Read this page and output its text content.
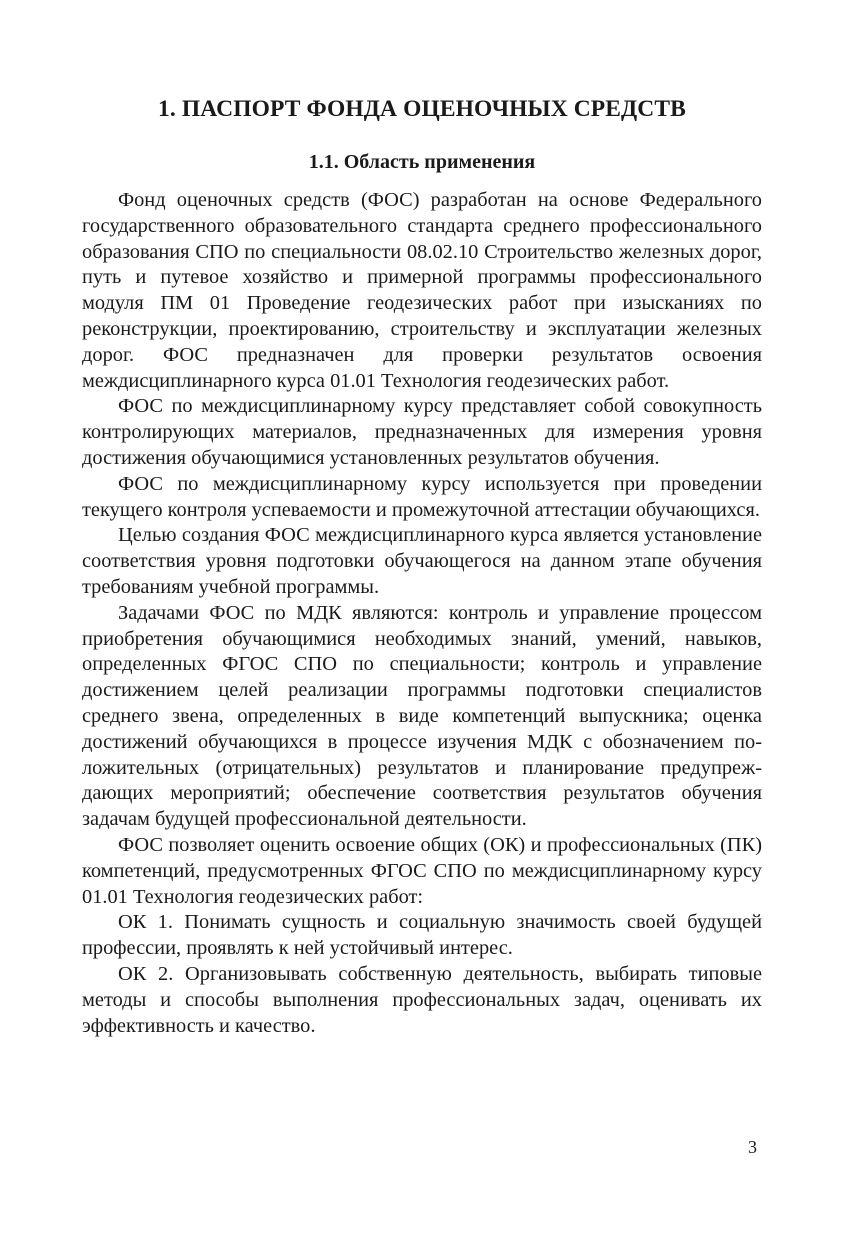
1. ПАСПОРТ ФОНДА ОЦЕНОЧНЫХ СРЕДСТВ
1.1. Область применения

Фонд оценочных средств (ФОС) разработан на основе Федерального государственного образовательного стандарта среднего профессионального образования СПО по специальности 08.02.10 Строительство железных дорог, путь и путевое хозяйство и примерной программы профессионального модуля ПМ 01 Проведение геодезических работ при изысканиях по реконструкции, проектированию, строительству и эксплуатации железных дорог. ФОС предназначен для проверки результатов освоения междисциплинарного курса 01.01 Технология геодезических работ.

ФОС по междисциплинарному курсу представляет собой совокупность контролирующих материалов, предназначенных для измерения уровня достижения обучающимися установленных результатов обучения.

ФОС по междисциплинарному курсу используется при проведении текущего контроля успеваемости и промежуточной аттестации обучающихся.

Целью создания ФОС междисциплинарного курса является установление соответствия уровня подготовки обучающегося на данном этапе обучения требованиям учебной программы.

Задачами ФОС по МДК являются: контроль и управление процессом приобретения обучающимися необходимых знаний, умений, навыков, определенных ФГОС СПО по специальности; контроль и управление достижением целей реализации программы подготовки специалистов среднего звена, определенных в виде компетенций выпускника; оценка достижений обучающихся в процессе изучения МДК с обозначением положительных (отрицательных) результатов и планирование предупреждающих мероприятий; обеспечение соответствия результатов обучения задачам будущей профессиональной деятельности.

ФОС позволяет оценить освоение общих (ОК) и профессиональных (ПК) компетенций, предусмотренных ФГОС СПО по междисциплинарному курсу 01.01 Технология геодезических работ:

ОК 1. Понимать сущность и социальную значимость своей будущей профессии, проявлять к ней устойчивый интерес.

ОК 2. Организовывать собственную деятельность, выбирать типовые методы и способы выполнения профессиональных задач, оценивать их эффективность и качество.

3
